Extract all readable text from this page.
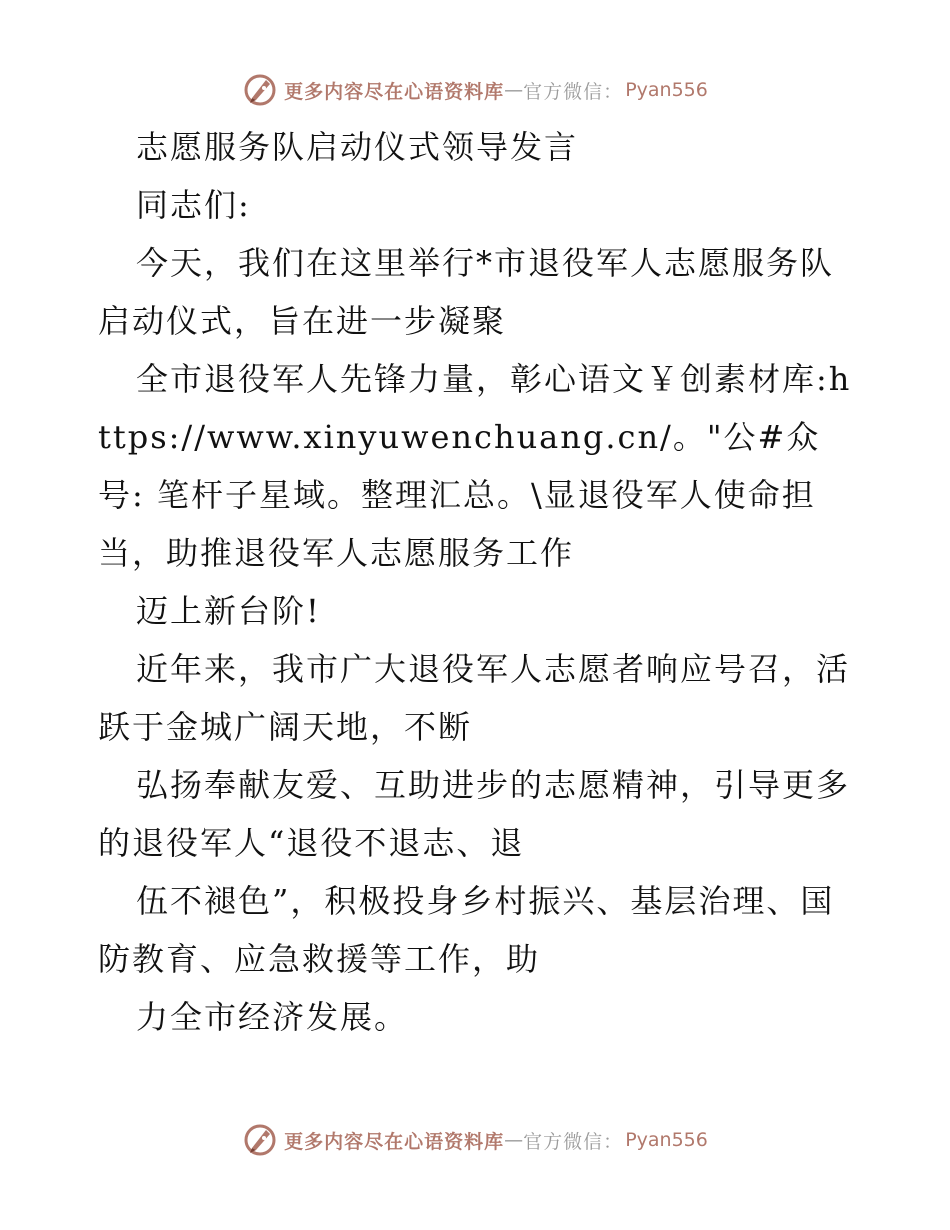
更多内容尽在心语资料库 — 官方微信： Pyan556

志愿服务队启动仪式领导发言

同志们:

今天，我们在这里举行*市退役军人志愿服务队启动仪式，旨在进一步凝聚

全市退役军人先锋力量，彰心语文￥创素材库:https://www.xinyuwenchuang.cn/。"公#众号: 笔杆子星域。整理汇总。\显退役军人使命担当，助推退役军人志愿服务工作

迈上新台阶!

近年来，我市广大退役军人志愿者响应号召，活跃于金城广阔天地，不断

弘扬奉献友爱、互助进步的志愿精神，引导更多的退役军人“退役不退志、退

伍不褪色”，积极投身乡村振兴、基层治理、国防教育、应急救援等工作，助

力全市经济发展。

更多内容尽在心语资料库 — 官方微信： Pyan556
